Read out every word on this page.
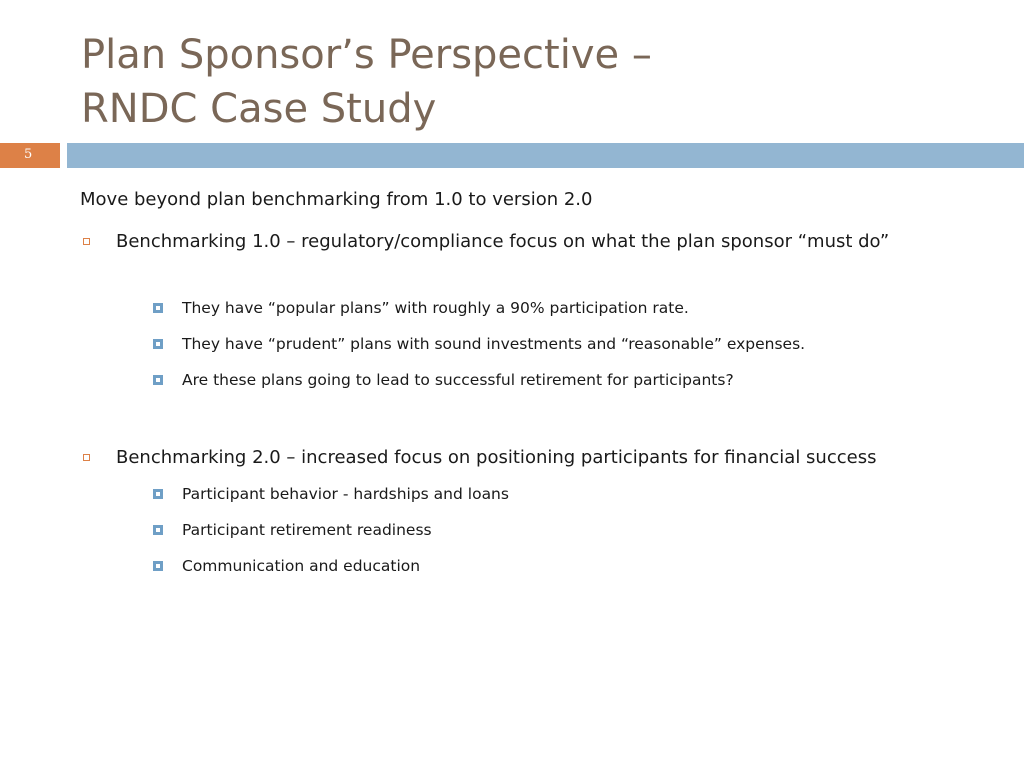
Plan Sponsor’s Perspective –
RNDC Case Study
5
Move beyond plan benchmarking from 1.0 to version 2.0
Benchmarking 1.0 – regulatory/compliance focus on what the plan sponsor “must do”
They have “popular plans” with roughly a 90% participation rate.
They have “prudent” plans with sound investments and “reasonable” expenses.
Are these plans going to lead to successful retirement for participants?
Benchmarking 2.0 – increased focus on positioning participants for financial success
Participant behavior - hardships and loans
Participant retirement readiness
Communication and education
